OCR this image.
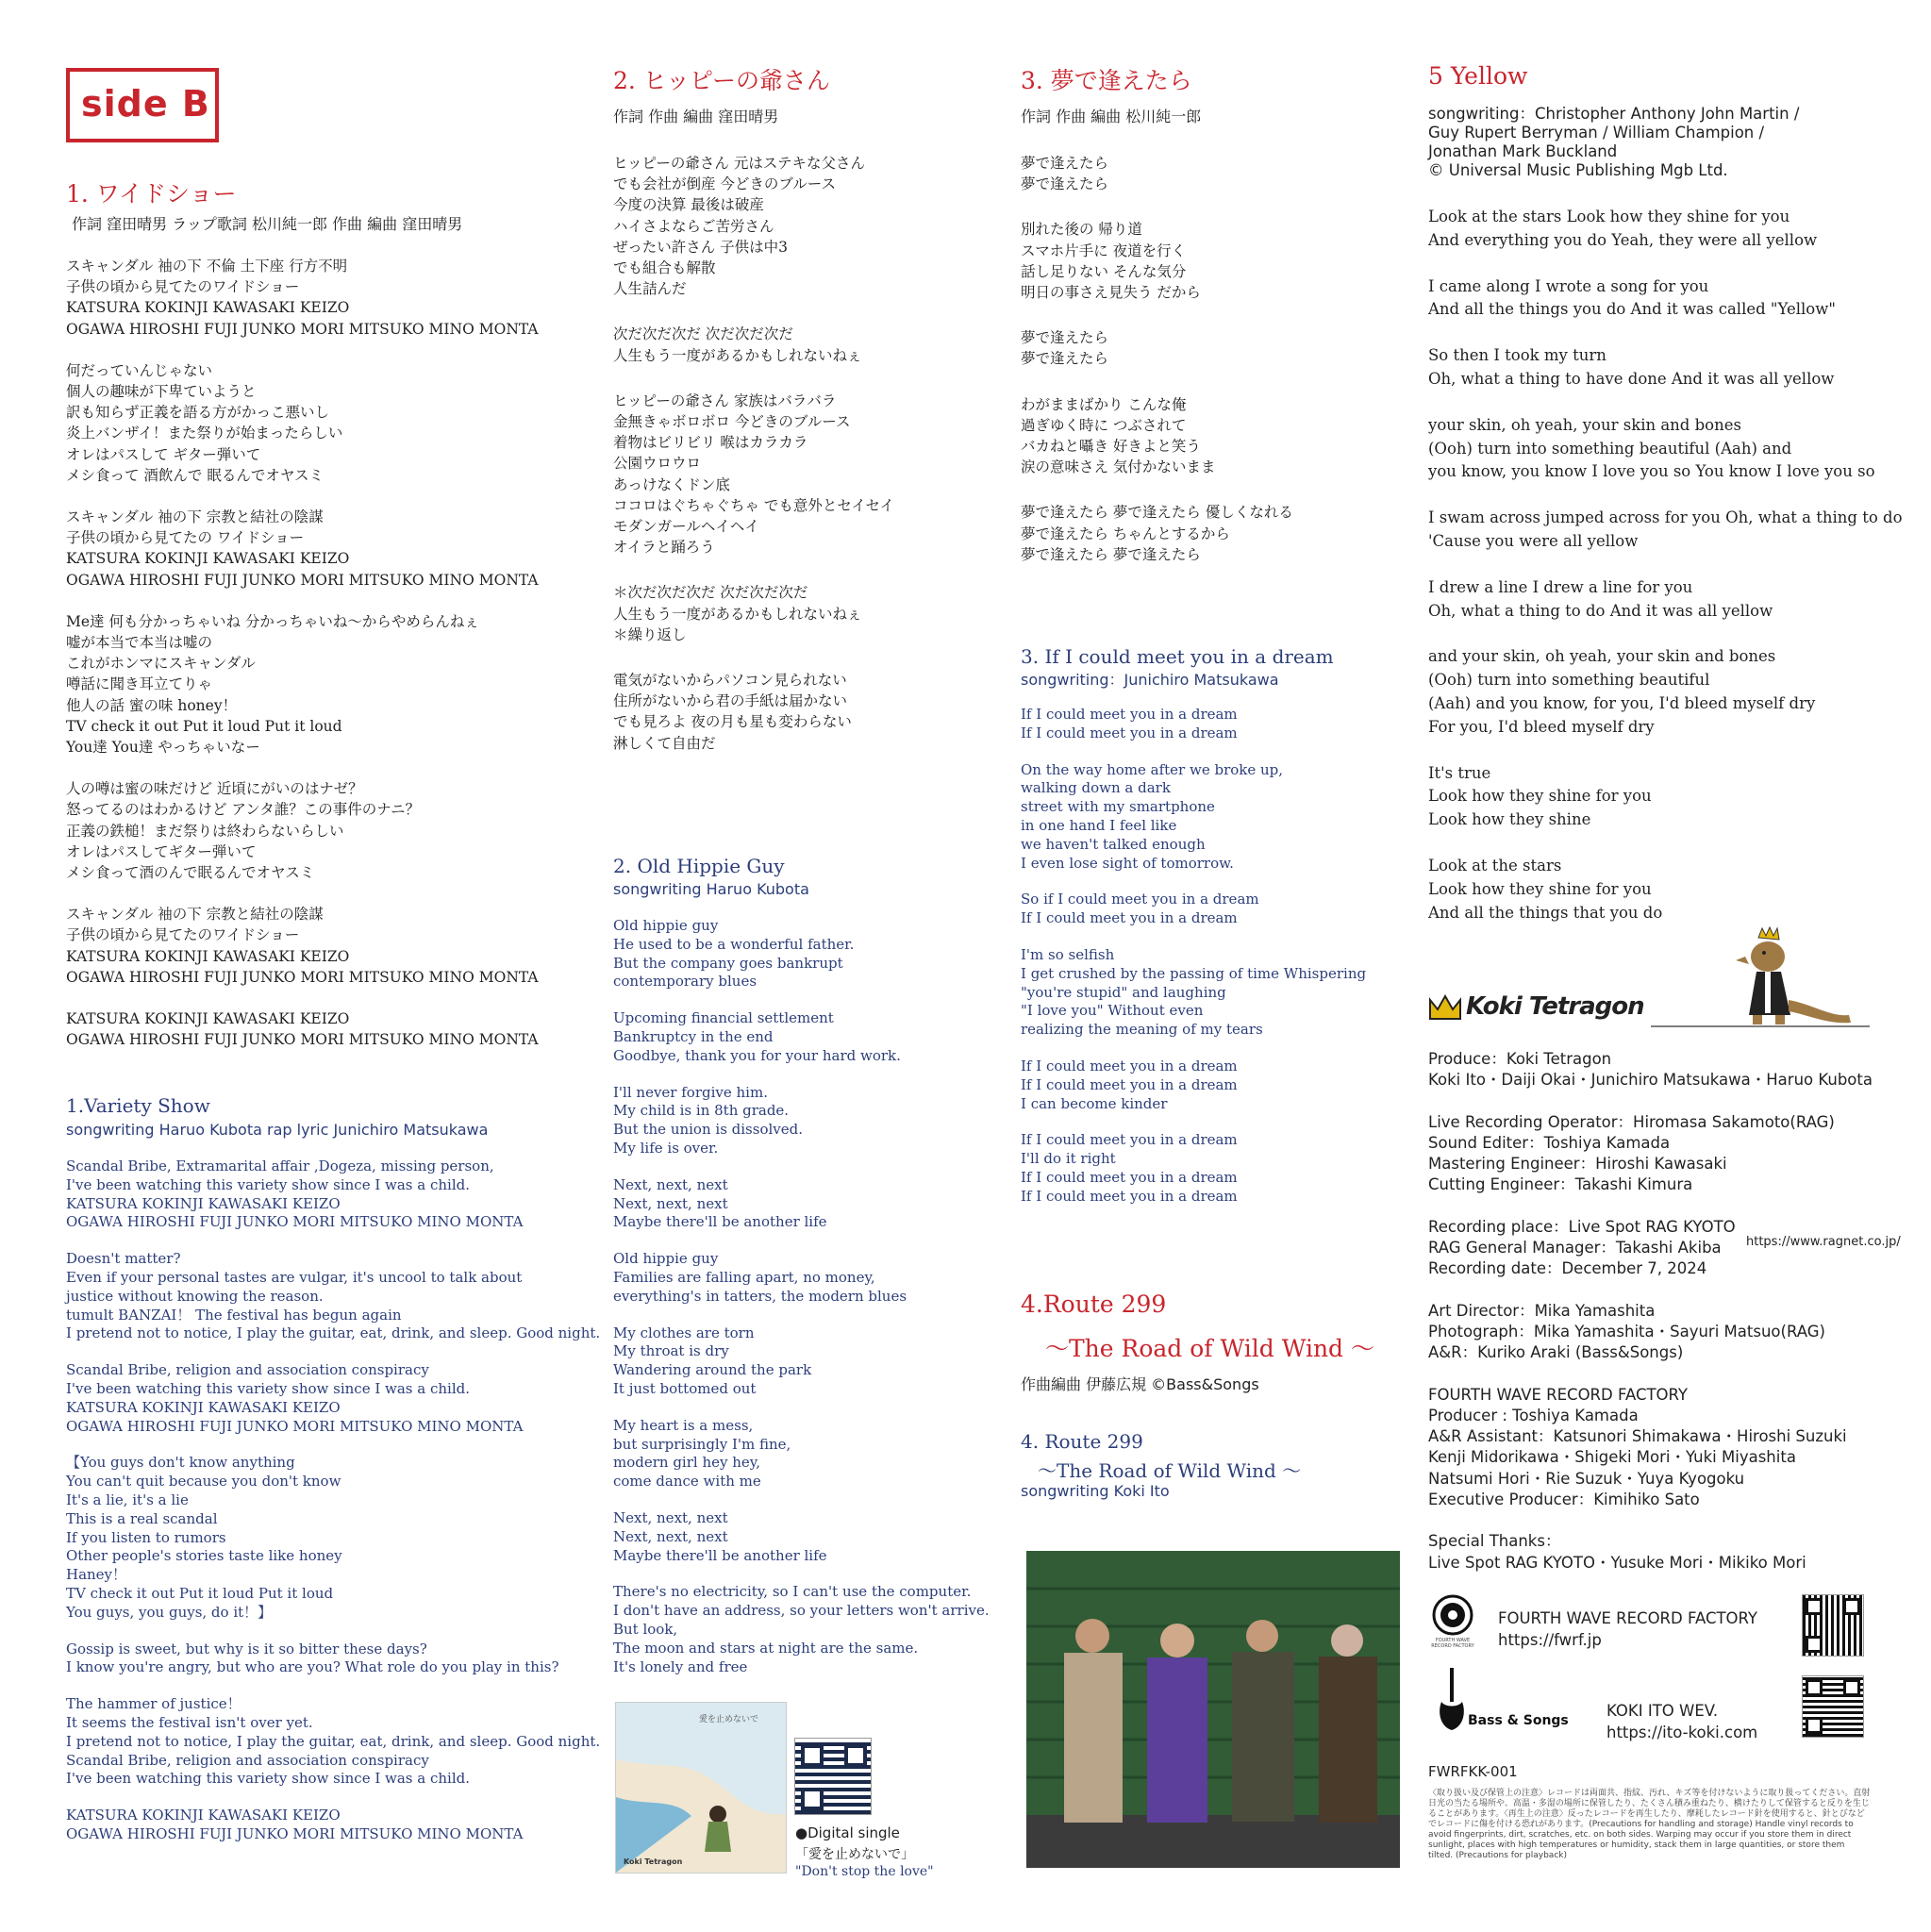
side B
1. ワイドショー
作詞 窪田晴男 ラップ歌詞 松川純一郎 作曲 編曲 窪田晴男
スキャンダル 袖の下 不倫 土下座 行方不明
子供の頃から見てたのワイドショー
KATSURA KOKINJI KAWASAKI KEIZO
OGAWA HIROSHI FUJI JUNKO MORI MITSUKO MINO MONTA
何だっていんじゃない
個人の趣味が下卑ていようと
訳も知らず正義を語る方がかっこ悪いし
炎上バンザイ！また祭りが始まったらしい
オレはパスして ギター弾いて
メシ食って 酒飲んで 眠るんでオヤスミ
スキャンダル 袖の下 宗教と結社の陰謀
子供の頃から見てたの ワイドショー
KATSURA KOKINJI KAWASAKI KEIZO
OGAWA HIROSHI FUJI JUNKO MORI MITSUKO MINO MONTA
Me達 何も分かっちゃいね 分かっちゃいね〜からやめらんねぇ
嘘が本当で本当は嘘の
これがホンマにスキャンダル
噂話に聞き耳立てりゃ
他人の話 蜜の味 honey！
TV check it out Put it loud Put it loud
You達 You達 やっちゃいなー
人の噂は蜜の味だけど 近頃にがいのはナゼ？
怒ってるのはわかるけど アンタ誰？この事件のナニ？
正義の鉄槌！まだ祭りは終わらないらしい
オレはパスしてギター弾いて
メシ食って酒のんで眠るんでオヤスミ
スキャンダル 袖の下 宗教と結社の陰謀
子供の頃から見てたのワイドショー
KATSURA KOKINJI KAWASAKI KEIZO
OGAWA HIROSHI FUJI JUNKO MORI MITSUKO MINO MONTA
KATSURA KOKINJI KAWASAKI KEIZO
OGAWA HIROSHI FUJI JUNKO MORI MITSUKO MINO MONTA
1.Variety Show
songwriting Haruo Kubota rap lyric Junichiro Matsukawa
Scandal Bribe, Extramarital affair ,Dogeza, missing person,
I've been watching this variety show since I was a child.
KATSURA KOKINJI KAWASAKI KEIZO
OGAWA HIROSHI FUJI JUNKO MORI MITSUKO MINO MONTA
Doesn't matter?
Even if your personal tastes are vulgar, it's uncool to talk about
justice without knowing the reason.
tumult BANZAI！ The festival has begun again
I pretend not to notice, I play the guitar, eat, drink, and sleep. Good night.
Scandal Bribe, religion and association conspiracy
I've been watching this variety show since I was a child.
KATSURA KOKINJI KAWASAKI KEIZO
OGAWA HIROSHI FUJI JUNKO MORI MITSUKO MINO MONTA
【You guys don't know anything
You can't quit because you don't know
It's a lie, it's a lie
This is a real scandal
If you listen to rumors
Other people's stories taste like honey
Haney！
TV check it out Put it loud Put it loud
You guys, you guys, do it！】
Gossip is sweet, but why is it so bitter these days?
I know you're angry, but who are you? What role do you play in this?
The hammer of justice！
It seems the festival isn't over yet.
I pretend not to notice, I play the guitar, eat, drink, and sleep. Good night.
Scandal Bribe, religion and association conspiracy
I've been watching this variety show since I was a child.
KATSURA KOKINJI KAWASAKI KEIZO
OGAWA HIROSHI FUJI JUNKO MORI MITSUKO MINO MONTA
2. ヒッピーの爺さん
作詞 作曲 編曲 窪田晴男
ヒッピーの爺さん 元はステキな父さん
でも会社が倒産 今どきのブルース
今度の決算 最後は破産
ハイさよならご苦労さん
ぜったい許さん 子供は中3
でも組合も解散
人生詰んだ
次だ次だ次だ 次だ次だ次だ
人生もう一度があるかもしれないねぇ
ヒッピーの爺さん 家族はバラバラ
金無きゃボロボロ 今どきのブルース
着物はビリビリ 喉はカラカラ
公園ウロウロ
あっけなくドン底
ココロはぐちゃぐちゃ でも意外とセイセイ
モダンガールヘイヘイ
オイラと踊ろう
＊次だ次だ次だ 次だ次だ次だ
人生もう一度があるかもしれないねぇ
＊繰り返し
電気がないからパソコン見られない
住所がないから君の手紙は届かない
でも見ろよ 夜の月も星も変わらない
淋しくて自由だ
2. Old Hippie Guy
songwriting Haruo Kubota
Old hippie guy
He used to be a wonderful father.
But the company goes bankrupt
contemporary blues
Upcoming financial settlement
Bankruptcy in the end
Goodbye, thank you for your hard work.
I'll never forgive him.
My child is in 8th grade.
But the union is dissolved.
My life is over.
Next, next, next
Next, next, next
Maybe there'll be another life
Old hippie guy
Families are falling apart, no money,
everything's in tatters, the modern blues
My clothes are torn
My throat is dry
Wandering around the park
It just bottomed out
My heart is a mess,
but surprisingly I'm fine,
modern girl hey hey,
come dance with me
Next, next, next
Next, next, next
Maybe there'll be another life
There's no electricity, so I can't use the computer.
I don't have an address, so your letters won't arrive.
But look,
The moon and stars at night are the same.
It's lonely and free
愛を止めないで
Koki Tetragon
●Digital single
「愛を止めないで」
"Don't stop the love"
3. 夢で逢えたら
作詞 作曲 編曲 松川純一郎
夢で逢えたら
夢で逢えたら
別れた後の 帰り道
スマホ片手に 夜道を行く
話し足りない そんな気分
明日の事さえ見失う だから
夢で逢えたら
夢で逢えたら
わがままばかり こんな俺
過ぎゆく時に つぶされて
バカねと囁き 好きよと笑う
涙の意味さえ 気付かないまま
夢で逢えたら 夢で逢えたら 優しくなれる
夢で逢えたら ちゃんとするから
夢で逢えたら 夢で逢えたら
3. If I could meet you in a dream
songwriting：Junichiro Matsukawa
If I could meet you in a dream
If I could meet you in a dream
On the way home after we broke up,
walking down a dark
street with my smartphone
in one hand I feel like
we haven't talked enough
I even lose sight of tomorrow.
So if I could meet you in a dream
If I could meet you in a dream
I'm so selfish
I get crushed by the passing of time Whispering
"you're stupid" and laughing
"I love you" Without even
realizing the meaning of my tears
If I could meet you in a dream
If I could meet you in a dream
I can become kinder
If I could meet you in a dream
I'll do it right
If I could meet you in a dream
If I could meet you in a dream
4.Route 299
〜The Road of Wild Wind 〜
作曲編曲 伊藤広規 ©Bass&Songs
4. Route 299
〜The Road of Wild Wind 〜
songwriting Koki Ito
5 Yellow
songwriting：Christopher Anthony John Martin /
Guy Rupert Berryman / William Champion /
Jonathan Mark Buckland
© Universal Music Publishing Mgb Ltd.
Look at the stars Look how they shine for you
And everything you do Yeah, they were all yellow
I came along I wrote a song for you
And all the things you do And it was called "Yellow"
So then I took my turn
Oh, what a thing to have done And it was all yellow
your skin, oh yeah, your skin and bones
(Ooh) turn into something beautiful (Aah) and
you know, you know I love you so You know I love you so
I swam across jumped across for you Oh, what a thing to do
'Cause you were all yellow
I drew a line I drew a line for you
Oh, what a thing to do And it was all yellow
and your skin, oh yeah, your skin and bones
(Ooh) turn into something beautiful
(Aah) and you know, for you, I'd bleed myself dry
For you, I'd bleed myself dry
It's true
Look how they shine for you
Look how they shine
Look at the stars
Look how they shine for you
And all the things that you do
Koki Tetragon
Produce：Koki Tetragon
Koki Ito・Daiji Okai・Junichiro Matsukawa・Haruo Kubota
Live Recording Operator：Hiromasa Sakamoto(RAG)
Sound Editer：Toshiya Kamada
Mastering Engineer：Hiroshi Kawasaki
Cutting Engineer：Takashi Kimura
Recording place：Live Spot RAG KYOTO
RAG General Manager：Takashi Akiba
Recording date：December 7, 2024
Art Director：Mika Yamashita
Photograph：Mika Yamashita・Sayuri Matsuo(RAG)
A&R：Kuriko Araki (Bass&Songs)
FOURTH WAVE RECORD FACTORY
Producer : Toshiya Kamada
A&R Assistant：Katsunori Shimakawa・Hiroshi Suzuki
Kenji Midorikawa・Shigeki Mori・Yuki Miyashita
Natsumi Hori・Rie Suzuk・Yuya Kyogoku
Executive Producer：Kimihiko Sato
Special Thanks：
Live Spot RAG KYOTO・Yusuke Mori・Mikiko Mori
https://www.ragnet.co.jp/
FOURTH WAVE RECORD FACTORY
FOURTH WAVE RECORD FACTORY
https://fwrf.jp
Bass & Songs
KOKI ITO WEV.
https://ito-koki.com
FWRFKK-001
〈取り扱い及び保管上の注意〉レコードは両面共、指紋、汚れ、キズ等を付けないように取り扱ってください。直射日光の当たる場所や、高温・多湿の場所に保管したり、たくさん積み重ねたり、横けたりして保管すると反りを生じることがあります。〈再生上の注意〉反ったレコードを再生したり、摩耗したレコード針を使用すると、針とびなどでレコードに傷を付ける恐れがあります。(Precautions for handling and storage) Handle vinyl records to avoid fingerprints, dirt, scratches, etc. on both sides. Warping may occur if you store them in direct sunlight, places with high temperatures or humidity, stack them in large quantities, or store them tilted. (Precautions for playback)
